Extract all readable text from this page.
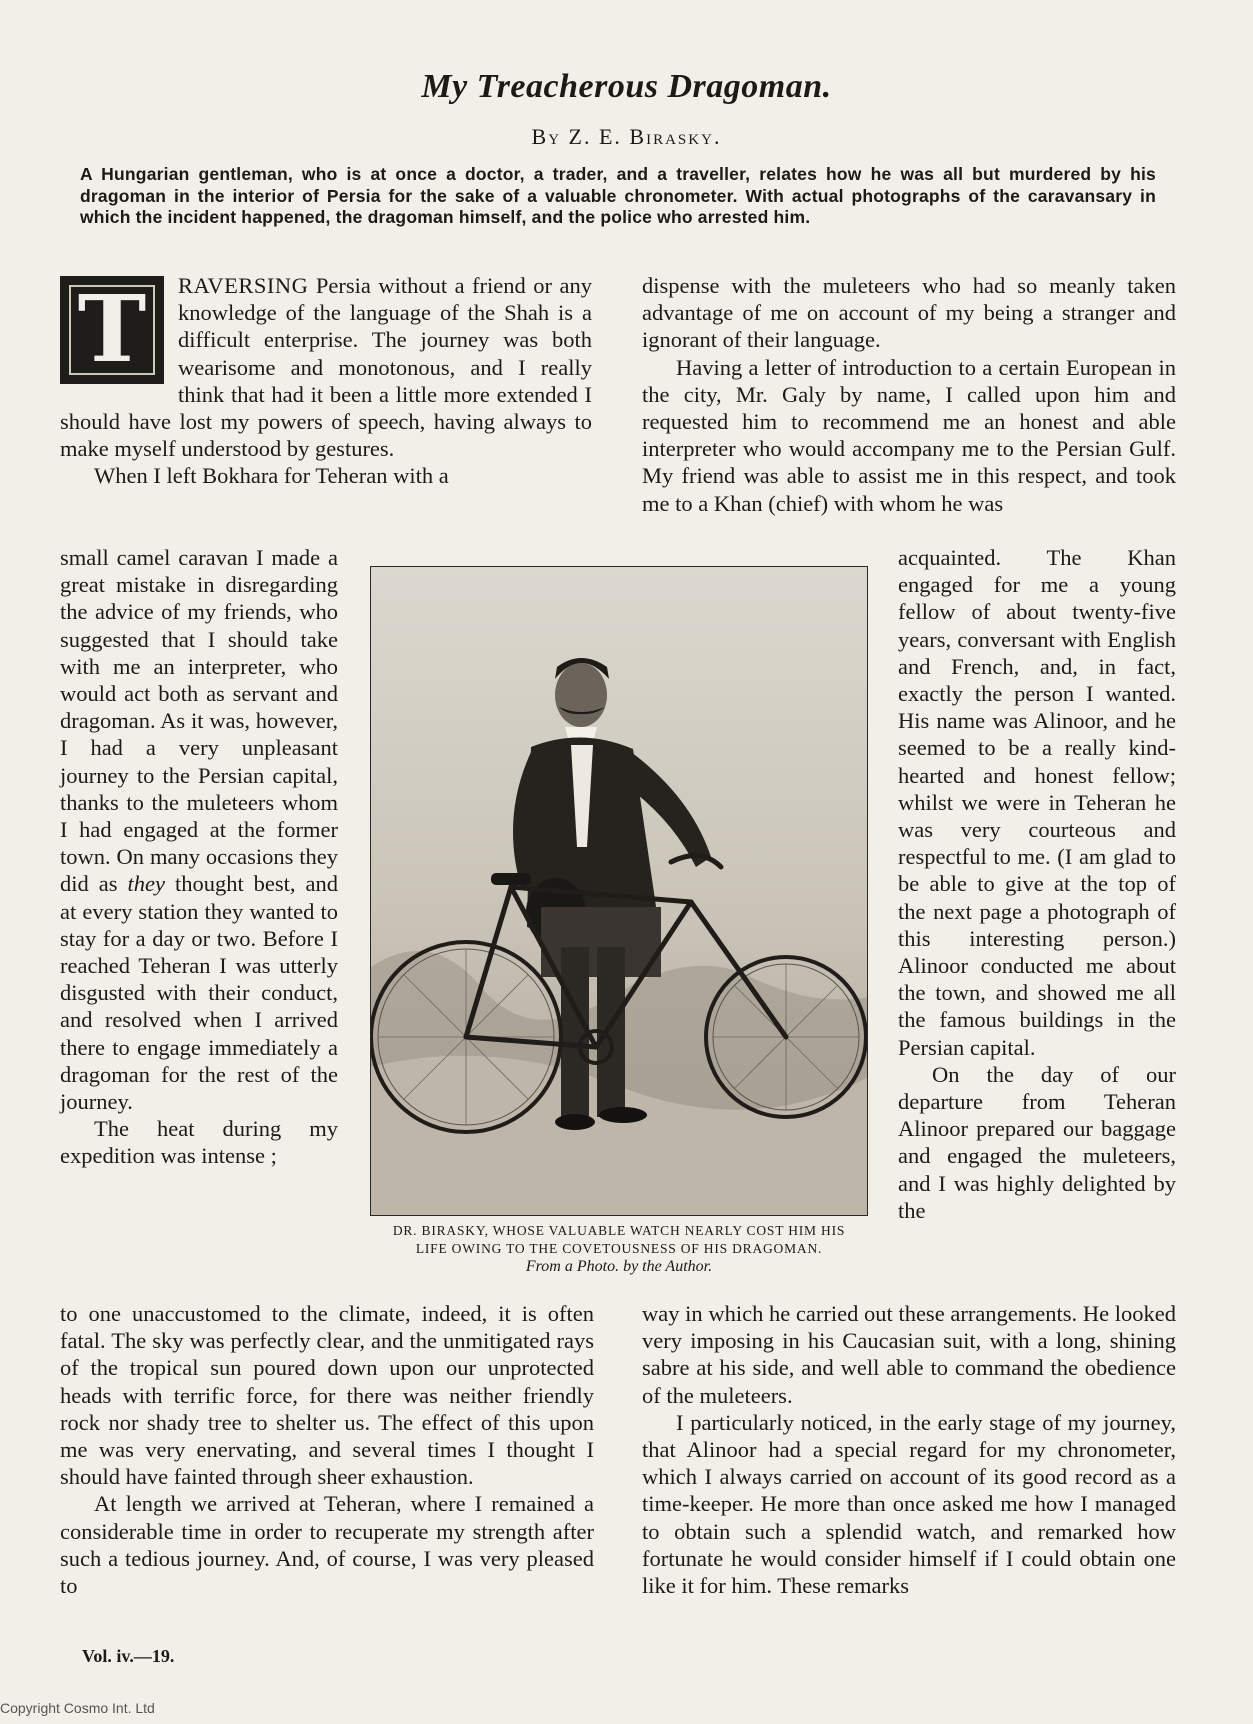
My Treacherous Dragoman.
By Z. E. Birasky.
A Hungarian gentleman, who is at once a doctor, a trader, and a traveller, relates how he was all but murdered by his dragoman in the interior of Persia for the sake of a valuable chronometer. With actual photographs of the caravansary in which the incident happened, the dragoman himself, and the police who arrested him.

T	RAVERSING Persia without a friend or any knowledge of the language of the Shah is a difficult enterprise. The journey was both wearisome and monotonous, and I really think that had it been a little more extended I should have lost my powers of speech, having always to make myself understood by gestures.

When I left Bokhara for Teheran with a

small camel caravan I made a great mistake in disregarding the advice of my friends, who suggested that I should take with me an interpreter, who would act both as servant and dragoman. As it was, however, I had a very unpleasant journey to the Persian capital, thanks to the muleteers whom I had engaged at the former town. On many occasions they did as they thought best, and at every station they wanted to stay for a day or two. Before I reached Teheran I was utterly disgusted with their conduct, and resolved when I arrived there to engage immediately a dragoman for the rest of the journey.

The heat during my expedition was intense ;

to one unaccustomed to the climate, indeed, it is often fatal. The sky was perfectly clear, and the unmitigated rays of the tropical sun poured down upon our unprotected heads with terrific force, for there was neither friendly rock nor shady tree to shelter us. The effect of this upon me was very enervating, and several times I thought I should have fainted through sheer exhaustion.

At length we arrived at Teheran, where I remained a considerable time in order to recuperate my strength after such a tedious journey. And, of course, I was very pleased to

dispense with the muleteers who had so meanly taken advantage of me on account of my being a stranger and ignorant of their language.

Having a letter of introduction to a certain European in the city, Mr. Galy by name, I called upon him and requested him to recommend me an honest and able interpreter who would accompany me to the Persian Gulf. My friend was able to assist me in this respect, and took me to a Khan (chief) with whom he was

acquainted. The Khan engaged for me a young fellow of about twenty-five years, conversant with English and French, and, in fact, exactly the person I wanted. His name was Alinoor, and he seemed to be a really kind-hearted and honest fellow; whilst we were in Teheran he was very courteous and respectful to me. (I am glad to be able to give at the top of the next page a photograph of this interesting person.) Alinoor conducted me about the town, and showed me all the famous buildings in the Persian capital.

On the day of our departure from Teheran Alinoor prepared our baggage and engaged the muleteers, and I was highly delighted by the

way in which he carried out these arrangements. He looked very imposing in his Caucasian suit, with a long, shining sabre at his side, and well able to command the obedience of the muleteers.

I particularly noticed, in the early stage of my journey, that Alinoor had a special regard for my chronometer, which I always carried on account of its good record as a time-keeper. He more than once asked me how I managed to obtain such a splendid watch, and remarked how fortunate he would consider himself if I could obtain one like it for him. These remarks

DR. BIRASKY, WHOSE VALUABLE WATCH NEARLY COST HIM HIS
LIFE OWING TO THE COVETOUSNESS OF HIS DRAGOMAN.
From a Photo. by the Author.
Vol. iv.—19.
Copyright Cosmo Int. Ltd
